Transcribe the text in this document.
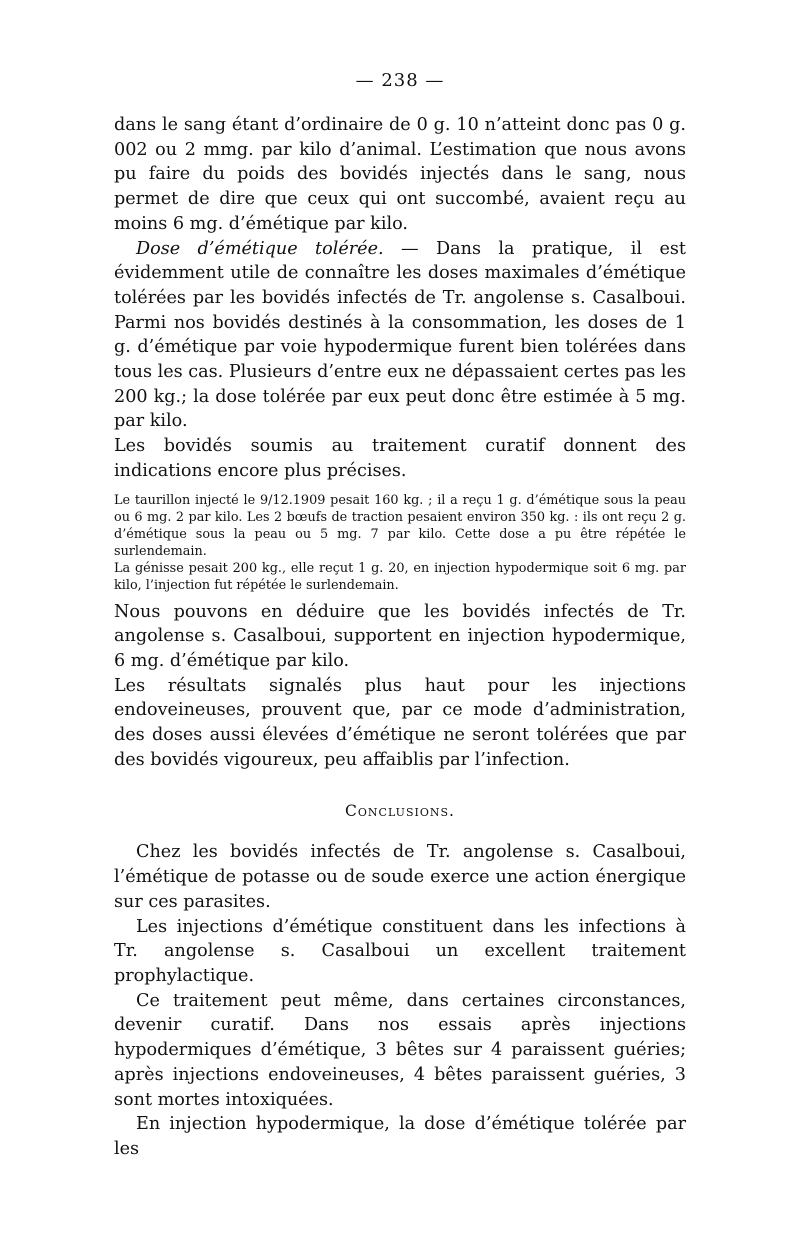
— 238 —

dans le sang étant d’ordinaire de 0 g. 10 n’atteint donc pas 0 g. 002 ou 2 mmg. par kilo d’animal. L’estimation que nous avons pu faire du poids des bovidés injectés dans le sang, nous permet de dire que ceux qui ont succombé, avaient reçu au moins 6 mg. d’émétique par kilo.

Dose d’émétique tolérée. — Dans la pratique, il est évidemment utile de connaître les doses maximales d’émétique tolérées par les bovidés infectés de Tr. angolense s. Casalboui. Parmi nos bovidés destinés à la consommation, les doses de 1 g. d’émétique par voie hypodermique furent bien tolérées dans tous les cas. Plusieurs d’entre eux ne dépassaient certes pas les 200 kg.; la dose tolérée par eux peut donc être estimée à 5 mg. par kilo.

Les bovidés soumis au traitement curatif donnent des indications encore plus précises.

Le taurillon injecté le 9/12.1909 pesait 160 kg. ; il a reçu 1 g. d’émétique sous la peau ou 6 mg. 2 par kilo. Les 2 bœufs de traction pesaient environ 350 kg. : ils ont reçu 2 g. d’émétique sous la peau ou 5 mg. 7 par kilo. Cette dose a pu être répétée le surlendemain.

La génisse pesait 200 kg., elle reçut 1 g. 20, en injection hypodermique soit 6 mg. par kilo, l’injection fut répétée le surlendemain.

Nous pouvons en déduire que les bovidés infectés de Tr. angolense s. Casalboui, supportent en injection hypodermique, 6 mg. d’émétique par kilo.

Les résultats signalés plus haut pour les injections endoveineuses, prouvent que, par ce mode d’administration, des doses aussi élevées d’émétique ne seront tolérées que par des bovidés vigoureux, peu affaiblis par l’infection.

Conclusions.

Chez les bovidés infectés de Tr. angolense s. Casalboui, l’émétique de potasse ou de soude exerce une action énergique sur ces parasites.

Les injections d’émétique constituent dans les infections à Tr. angolense s. Casalboui un excellent traitement prophylactique.

Ce traitement peut même, dans certaines circonstances, devenir curatif. Dans nos essais après injections hypodermiques d’émétique, 3 bêtes sur 4 paraissent guéries; après injections endoveineuses, 4 bêtes paraissent guéries, 3 sont mortes intoxiquées.

En injection hypodermique, la dose d’émétique tolérée par les
